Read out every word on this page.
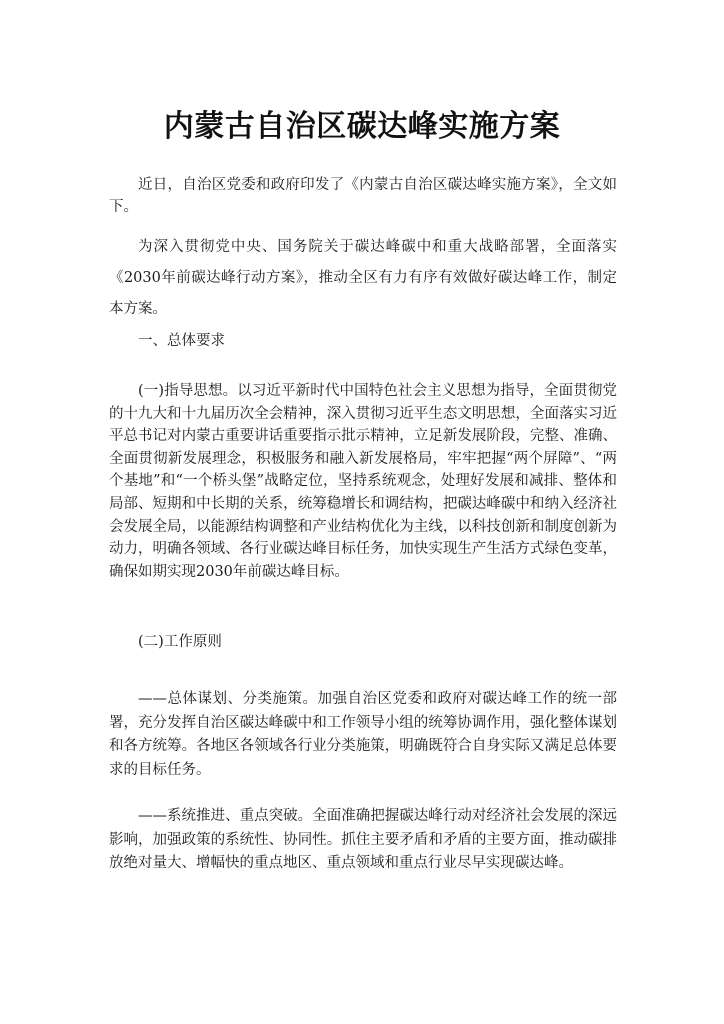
内蒙古自治区碳达峰实施方案

近日，自治区党委和政府印发了《内蒙古自治区碳达峰实施方案》，全文如下。

为深入贯彻党中央、国务院关于碳达峰碳中和重大战略部署，全面落实《2030年前碳达峰行动方案》，推动全区有力有序有效做好碳达峰工作，制定本方案。

一、总体要求

(一)指导思想。以习近平新时代中国特色社会主义思想为指导，全面贯彻党的十九大和十九届历次全会精神，深入贯彻习近平生态文明思想，全面落实习近平总书记对内蒙古重要讲话重要指示批示精神，立足新发展阶段，完整、准确、全面贯彻新发展理念，积极服务和融入新发展格局，牢牢把握“两个屏障”、“两个基地”和“一个桥头堡”战略定位，坚持系统观念，处理好发展和减排、整体和局部、短期和中长期的关系，统筹稳增长和调结构，把碳达峰碳中和纳入经济社会发展全局，以能源结构调整和产业结构优化为主线，以科技创新和制度创新为动力，明确各领域、各行业碳达峰目标任务，加快实现生产生活方式绿色变革，确保如期实现2030年前碳达峰目标。

(二)工作原则

——总体谋划、分类施策。加强自治区党委和政府对碳达峰工作的统一部署，充分发挥自治区碳达峰碳中和工作领导小组的统筹协调作用，强化整体谋划和各方统筹。各地区各领域各行业分类施策，明确既符合自身实际又满足总体要求的目标任务。

——系统推进、重点突破。全面准确把握碳达峰行动对经济社会发展的深远影响，加强政策的系统性、协同性。抓住主要矛盾和矛盾的主要方面，推动碳排放绝对量大、增幅快的重点地区、重点领域和重点行业尽早实现碳达峰。
